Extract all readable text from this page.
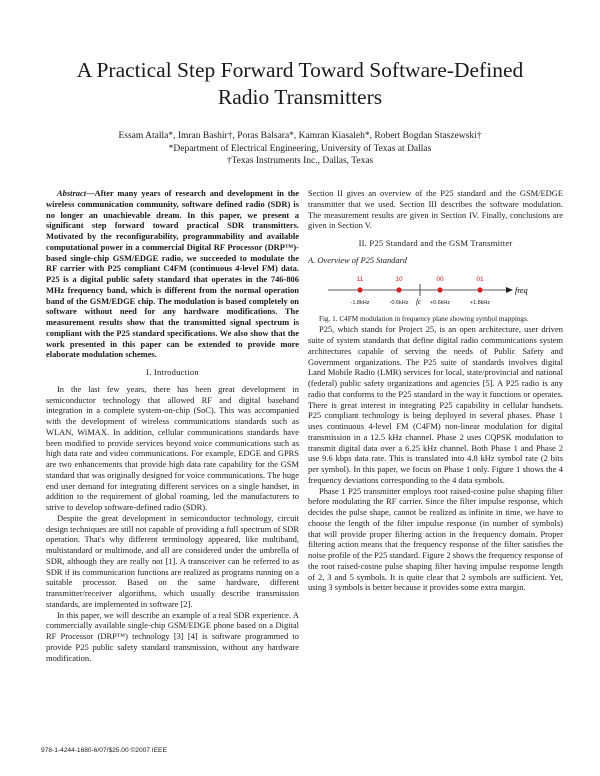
A Practical Step Forward Toward Software-Defined
Radio Transmitters
Essam Atalla*, Imran Bashir†, Poras Balsara*, Kamran Kiasaleh*, Robert Bogdan Staszewski†
*Department of Electrical Engineering, University of Texas at Dallas
†Texas Instruments Inc., Dallas, Texas

Abstract—After many years of research and development in the wireless communication community, software defined radio (SDR) is no longer an unachievable dream. In this paper, we present a significant step forward toward practical SDR transmitters. Motivated by the reconfigurability, programmability and available computational power in a commercial Digital RF Processor (DRP™)-based single-chip GSM/EDGE radio, we succeeded to modulate the RF carrier with P25 compliant C4FM (continuous 4-level FM) data. P25 is a digital public safety standard that operates in the 746-806 MHz frequency band, which is different from the normal operation band of the GSM/EDGE chip. The modulation is based completely on software without need for any hardware modifications. The measurement results show that the transmitted signal spectrum is compliant with the P25 standard specifications. We also show that the work presented in this paper can be extended to provide more elaborate modulation schemes.

I. Introduction

In the last few years, there has been great development in semiconductor technology that allowed RF and digital baseband integration in a complete system-on-chip (SoC). This was accompanied with the development of wireless communications standards such as WLAN, WiMAX. In addition, cellular communications standards have been modified to provide services beyond voice communications such as high data rate and video communications. For example, EDGE and GPRS are two enhancements that provide high data rate capability for the GSM standard that was originally designed for voice communications. The huge end user demand for integrating different services on a single handset, in addition to the requirement of global roaming, led the manufacturers to strive to develop software-defined radio (SDR).

Despite the great development in semiconductor technology, circuit design techniques are still not capable of providing a full spectrum of SDR operation. That's why different terminology appeared, like multiband, multistandard or multimode, and all are considered under the umbrella of SDR, although they are really not [1]. A transceiver can be referred to as SDR if its communication functions are realized as programs running on a suitable processor. Based on the same hardware, different transmitter/receiver algorithms, which usually describe transmission standards, are implemented in software [2].

In this paper, we will describe an example of a real SDR experience. A commercially available single-chip GSM/EDGE phone based on a Digital RF Processor (DRP™) technology [3] [4] is software programmed to provide P25 public safety standard transmission, without any hardware modification.

Section II gives an overview of the P25 standard and the GSM/EDGE transmitter that we used. Section III describes the software modulation. The measurement results are given in Section IV. Finally, conclusions are given in Section V.

II. P25 Standard and the GSM Transmitter
A. Overview of P25 Standard
freq
fc
11
-1.8kHz
10
-0.6kHz
00
+0.6kHz
01
+1.8kHz

Fig. 1. C4FM modulation in frequency plane showing symbol mappings.

P25, which stands for Project 25, is an open architecture, user driven suite of system standards that define digital radio communications system architectures capable of serving the needs of Public Safety and Government organizations. The P25 suite of standards involves digital Land Mobile Radio (LMR) services for local, state/provincial and national (federal) public safety organizations and agencies [5]. A P25 radio is any radio that conforms to the P25 standard in the way it functions or operates. There is great interest in integrating P25 capability in cellular handsets. P25 compliant technology is being deployed in several phases. Phase 1 uses continuous 4-level FM (C4FM) non-linear modulation for digital transmission in a 12.5 kHz channel. Phase 2 uses CQPSK modulation to transmit digital data over a 6.25 kHz channel. Both Phase 1 and Phase 2 use 9.6 kbps data rate. This is translated into 4.8 kHz symbol rate (2 bits per symbol). In this paper, we focus on Phase 1 only. Figure 1 shows the 4 frequency deviations corresponding to the 4 data symbols.

Phase 1 P25 transmitter employs root raised-cosine pulse shaping filter before modulating the RF carrier. Since the filter impulse response, which decides the pulse shape, cannot be realized as infinite in time, we have to choose the length of the filter impulse response (in number of symbols) that will provide proper filtering action in the frequency domain. Proper filtering action means that the frequency response of the filter satisfies the noise profile of the P25 standard. Figure 2 shows the frequency response of the root raised-cosine pulse shaping filter having impulse response length of 2, 3 and 5 symbols. It is quite clear that 2 symbols are sufficient. Yet, using 3 symbols is better because it provides some extra margin.

978-1-4244-1680-6/07/$25.00 ©2007 IEEE
